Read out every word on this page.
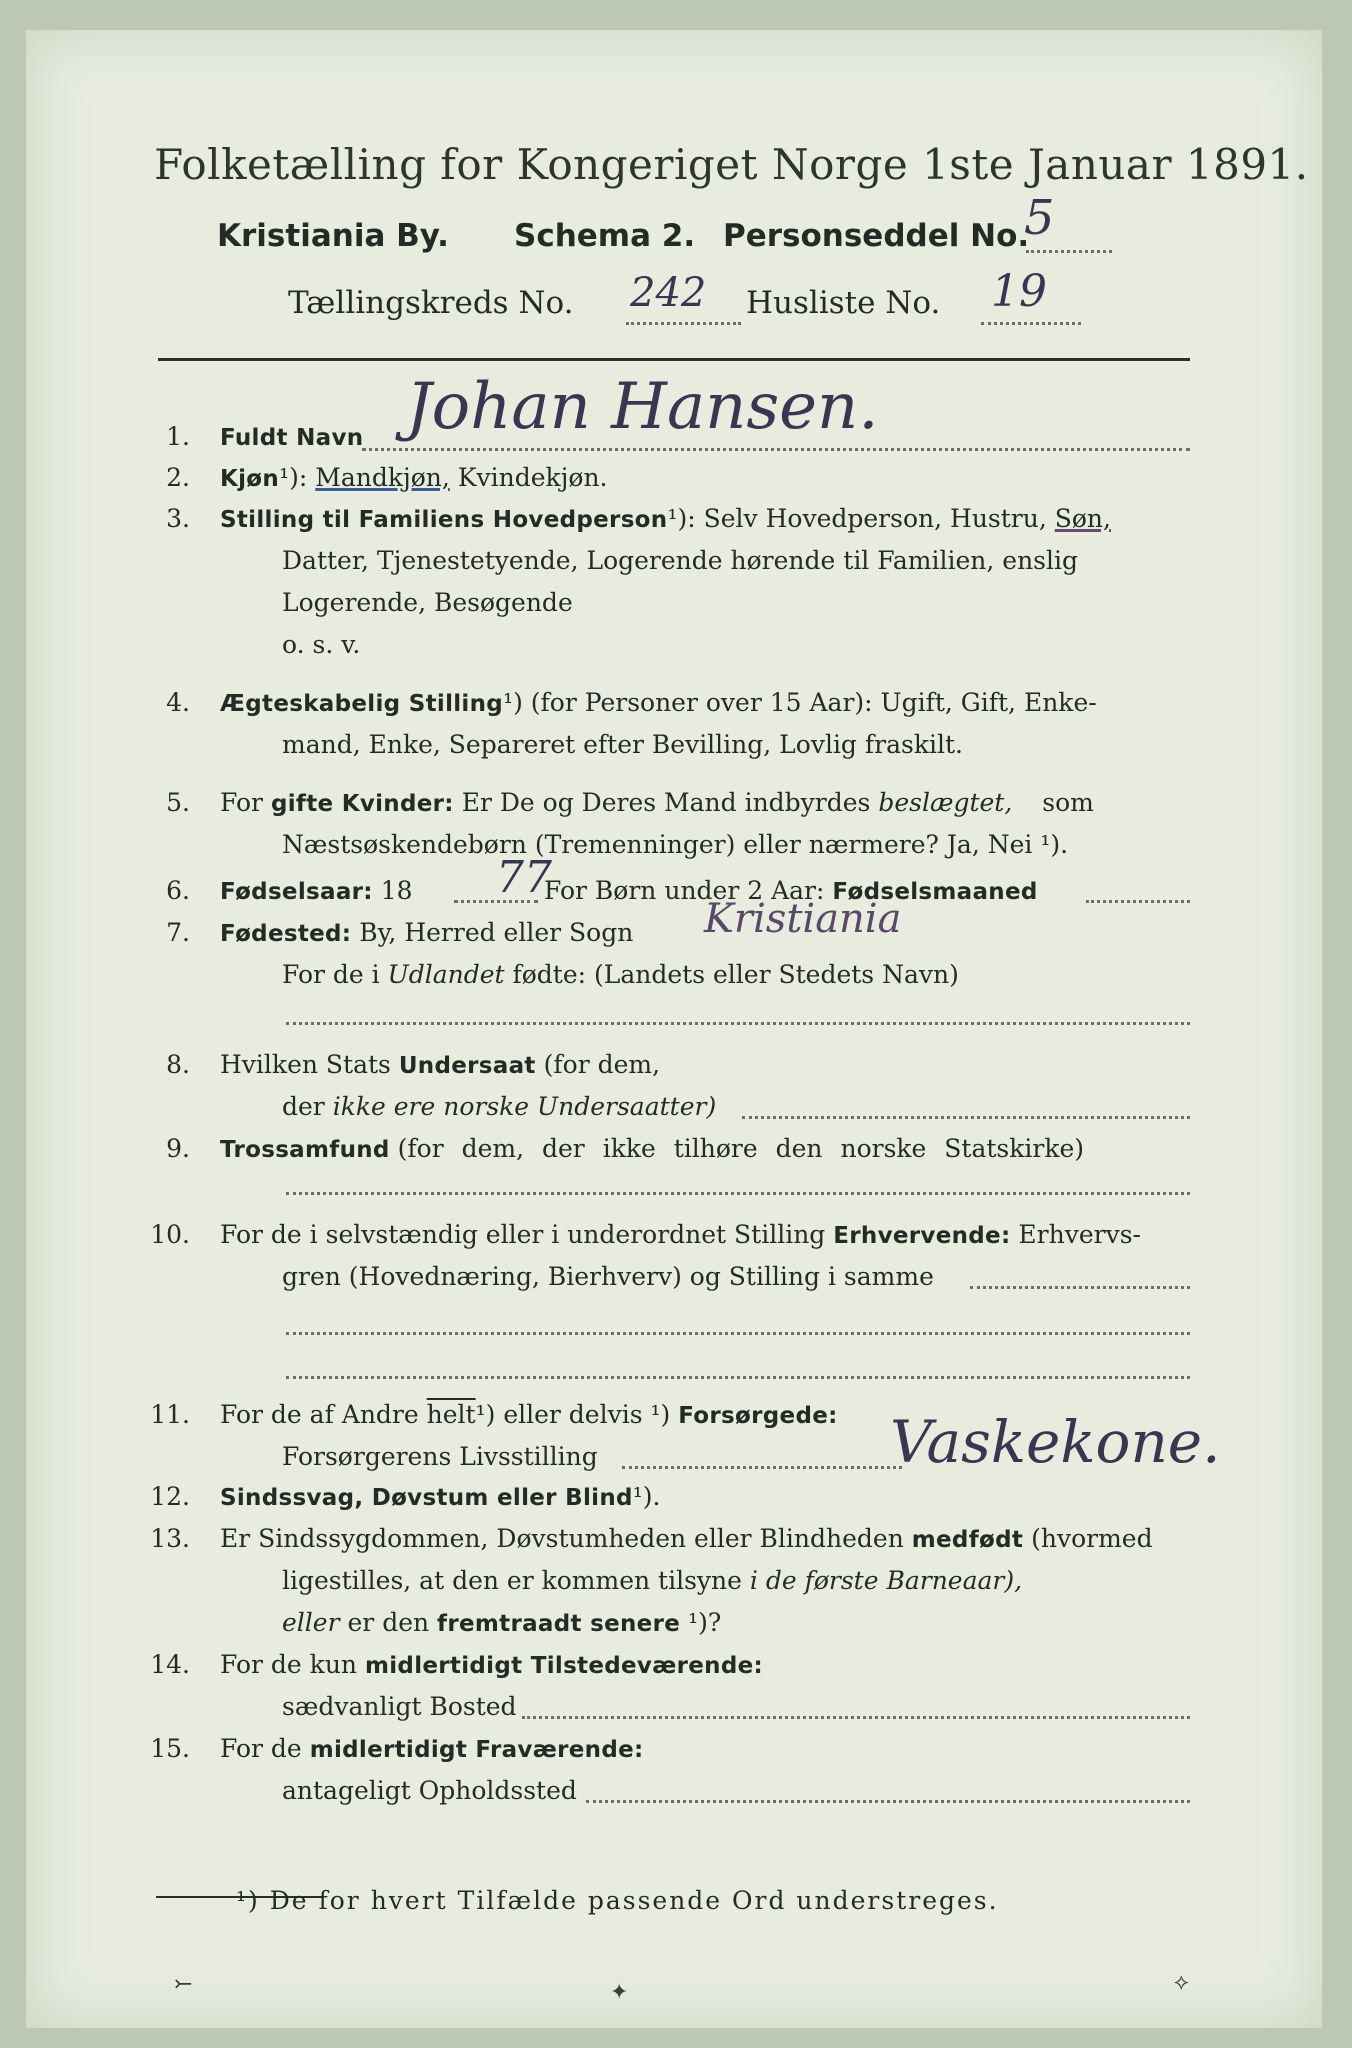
Folketælling for Kongeriget Norge 1ste Januar 1891.
Kristiania By. Schema 2. Personseddel No.
5
Tællingskreds No. 242 Husliste No. 19
1. Fuldt Navn Johan Hansen.
2. Kjøn¹): Mandkjøn, Kvindekjøn.
3. Stilling til Familiens Hovedperson¹): Selv Hovedperson, Hustru, Søn,
Datter, Tjenestetyende, Logerende hørende til Familien, enslig
Logerende, Besøgende
o. s. v.
4. Ægteskabelig Stilling¹) (for Personer over 15 Aar): Ugift, Gift, Enke-
mand, Enke, Separeret efter Bevilling, Lovlig fraskilt.
5. For gifte Kvinder: Er De og Deres Mand indbyrdes beslægtet, som
Næstsøskendebørn (Tremenninger) eller nærmere? Ja, Nei ¹).
6. Fødselsaar: 18 77
For Børn under 2 Aar: Fødselsmaaned
7. Fødested: By, Herred eller Sogn Kristiania
For de i Udlandet fødte: (Landets eller Stedets Navn)
8. Hvilken Stats Undersaat (for dem,
der ikke ere norske Undersaatter)
9. Trossamfund (for dem, der ikke tilhøre den norske Statskirke)
10. For de i selvstændig eller i underordnet Stilling Erhvervende: Erhvervs-
gren (Hovednæring, Bierhverv) og Stilling i samme
11. For de af Andre helt¹) eller delvis ¹) Forsørgede:
Forsørgerens Livsstilling	Vaskekone.
12. Sindssvag, Døvstum eller Blind¹).
13. Er Sindssygdommen, Døvstumheden eller Blindheden medfødt (hvormed
ligestilles, at den er kommen tilsyne i de første Barneaar),
eller er den fremtraadt senere ¹)?
14. For de kun midlertidigt Tilstedeværende:
sædvanligt Bosted
15. For de midlertidigt Fraværende:
antageligt Opholdssted
¹) De for hvert Tilfælde passende Ord understreges.
⤚	✦	⟡
